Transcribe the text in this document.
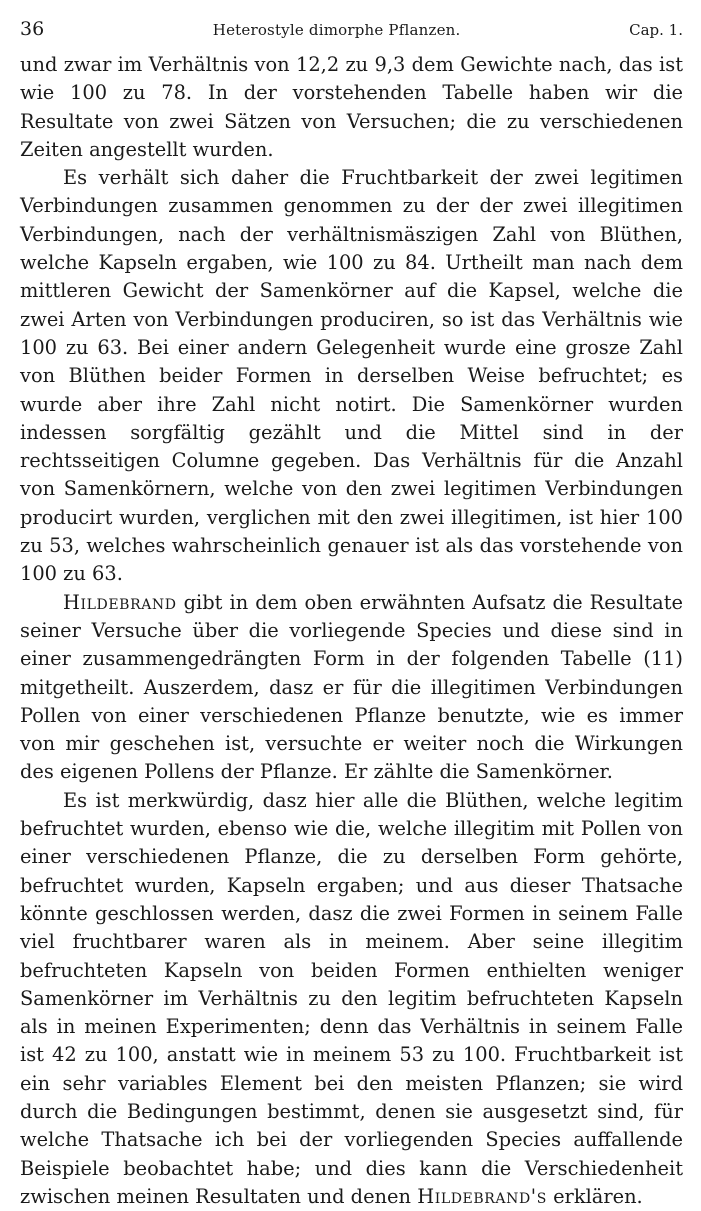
36	Heterostyle dimorphe Pflanzen.	Cap. 1.

und zwar im Verhältnis von 12,2 zu 9,3 dem Gewichte nach, das ist wie 100 zu 78. In der vorstehenden Tabelle haben wir die Resultate von zwei Sätzen von Versuchen; die zu verschiedenen Zeiten angestellt wurden.

Es verhält sich daher die Fruchtbarkeit der zwei legitimen Verbindungen zusammen genommen zu der der zwei illegitimen Verbindungen, nach der verhältnismäszigen Zahl von Blüthen, welche Kapseln ergaben, wie 100 zu 84. Urtheilt man nach dem mittleren Gewicht der Samenkörner auf die Kapsel, welche die zwei Arten von Verbindungen produciren, so ist das Verhältnis wie 100 zu 63. Bei einer andern Gelegenheit wurde eine grosze Zahl von Blüthen beider Formen in derselben Weise befruchtet; es wurde aber ihre Zahl nicht notirt. Die Samenkörner wurden indessen sorgfältig gezählt und die Mittel sind in der rechtsseitigen Columne gegeben. Das Verhältnis für die Anzahl von Samenkörnern, welche von den zwei legitimen Verbindungen producirt wurden, verglichen mit den zwei illegitimen, ist hier 100 zu 53, welches wahrscheinlich genauer ist als das vorstehende von 100 zu 63.

Hildebrand gibt in dem oben erwähnten Aufsatz die Resultate seiner Versuche über die vorliegende Species und diese sind in einer zusammengedrängten Form in der folgenden Tabelle (11) mitgetheilt. Auszerdem, dasz er für die illegitimen Verbindungen Pollen von einer verschiedenen Pflanze benutzte, wie es immer von mir geschehen ist, versuchte er weiter noch die Wirkungen des eigenen Pollens der Pflanze. Er zählte die Samenkörner.

Es ist merkwürdig, dasz hier alle die Blüthen, welche legitim befruchtet wurden, ebenso wie die, welche illegitim mit Pollen von einer verschiedenen Pflanze, die zu derselben Form gehörte, befruchtet wurden, Kapseln ergaben; und aus dieser Thatsache könnte geschlossen werden, dasz die zwei Formen in seinem Falle viel fruchtbarer waren als in meinem. Aber seine illegitim befruchteten Kapseln von beiden Formen enthielten weniger Samenkörner im Verhältnis zu den legitim befruchteten Kapseln als in meinen Experimenten; denn das Verhältnis in seinem Falle ist 42 zu 100, anstatt wie in meinem 53 zu 100. Fruchtbarkeit ist ein sehr variables Element bei den meisten Pflanzen; sie wird durch die Bedingungen bestimmt, denen sie ausgesetzt sind, für welche Thatsache ich bei der vorliegenden Species auffallende Beispiele beobachtet habe; und dies kann die Verschiedenheit zwischen meinen Resultaten und denen Hildebrand's erklären.
